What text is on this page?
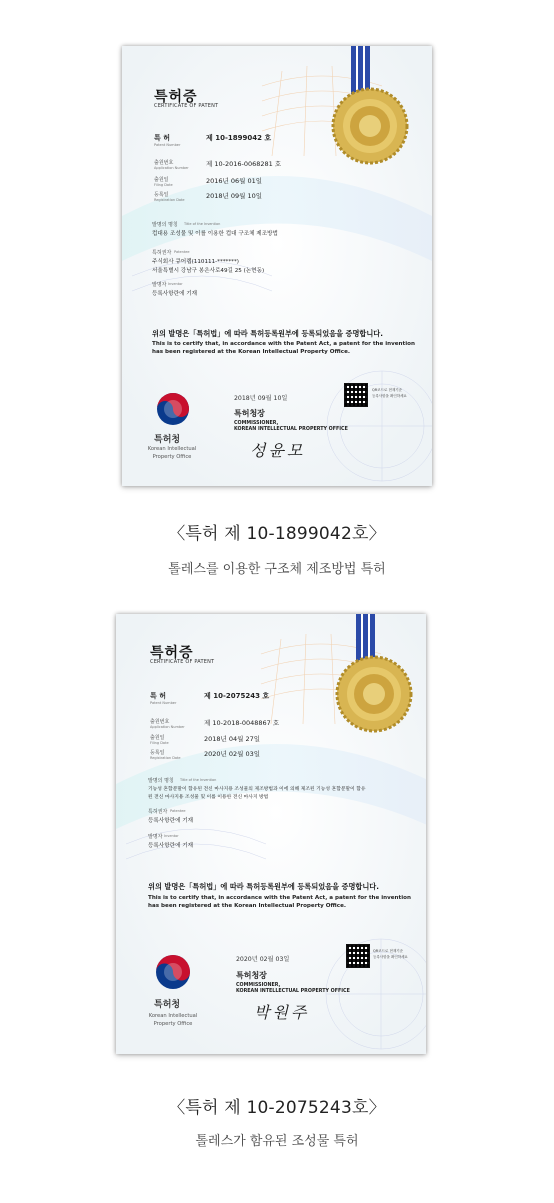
특허증
CERTIFICATE OF PATENT
특 허
Patent Number
제 10-1899042 호
출원번호
Application Number	제 10-2016-0068281 호
출원일
Filing Date	2016년 06월 01일
등록일
Registration Date	2018년 09월 10일
발명의 명칭 Title of the Invention
컵대용 조성물 및 이를 이용한 컵대 구조체 제조방법
특허권자 Patentee
주식회사 큐어랩(110111-*******)
서울특별시 강남구 봉은사로49길 25 (논현동)
발명자 Inventor
등록사항란에 기재
위의 발명은「특허법」에 따라 특허등록원부에 등록되었음을 증명합니다.
This is to certify that, in accordance with the Patent Act, a patent for the invention
has been registered at the Korean Intellectual Property Office.
특허청
Korean Intellectual
Property Office
2018년 09월 10일
QR코드로 현재기준
등록사항을 확인하세요
특허청장
COMMISSIONER,
KOREAN INTELLECTUAL PROPERTY OFFICE
성윤모
〈특허 제 10-1899042호〉
톨레스를 이용한 구조체 제조방법 특허
특허증
CERTIFICATE OF PATENT
특 허
Patent Number
제 10-2075243 호
출원번호
Application Number	제 10-2018-0048867 호
출원일
Filing Date	2018년 04월 27일
등록일
Registration Date	2020년 02월 03일
발명의 명칭 Title of the Invention
기능성 혼합분말이 함유된 전신 마사지용 조성물의 제조방법과 이에 의해 제조된 기능성 혼합분말이 함유
된 전신 마사지용 조성물 및 이를 이용한 전신 마사지 방법
특허권자 Patentee
등록사항란에 기재
발명자 Inventor
등록사항란에 기재
위의 발명은「특허법」에 따라 특허등록원부에 등록되었음을 증명합니다.
This is to certify that, in accordance with the Patent Act, a patent for the invention
has been registered at the Korean Intellectual Property Office.
특허청
Korean Intellectual
Property Office
2020년 02월 03일
QR코드로 현재기준
등록사항을 확인하세요
특허청장
COMMISSIONER,
KOREAN INTELLECTUAL PROPERTY OFFICE
박원주
〈특허 제 10-2075243호〉
톨레스가 함유된 조성물 특허
